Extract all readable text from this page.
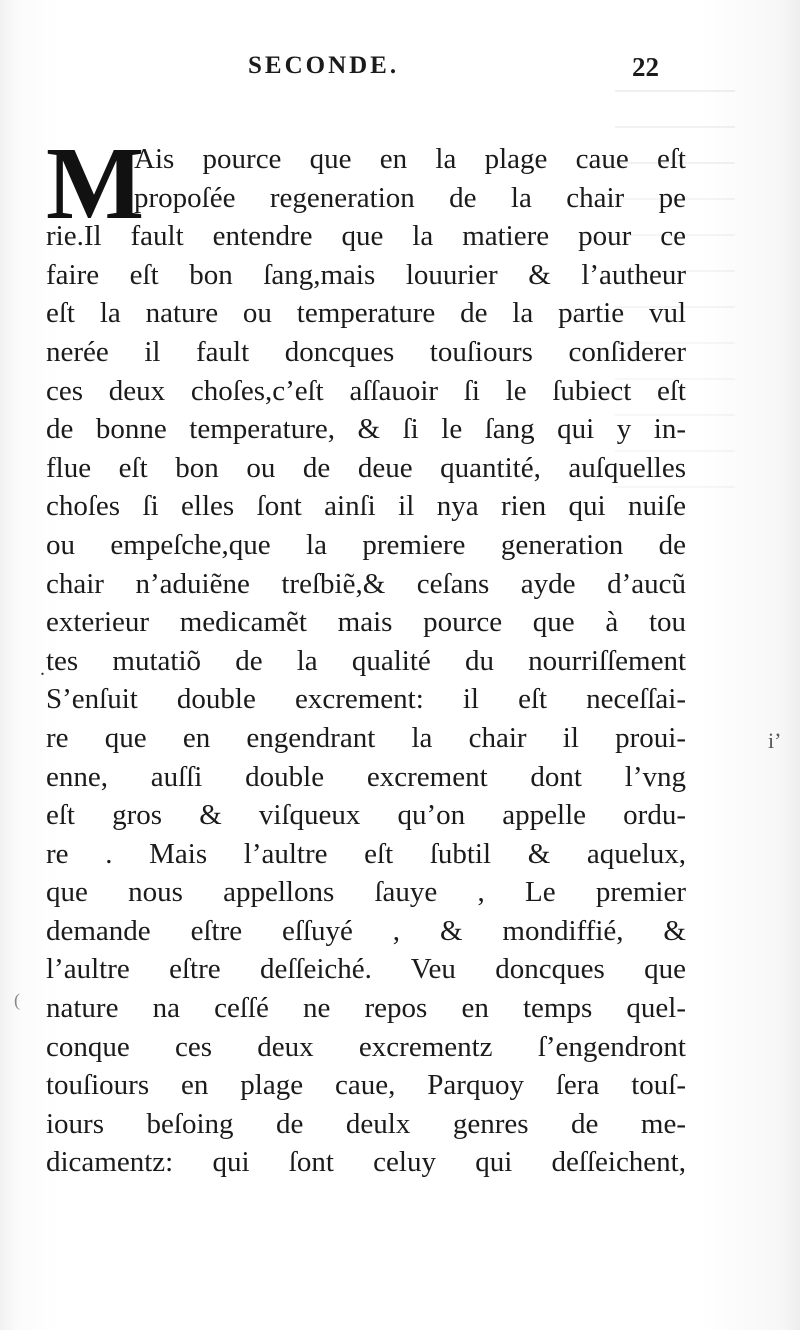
SECONDE.	22
M
Ais pource que en la plage caue eſt
propoſée regeneration de la chair pe
rie.Il fault entendre que la matiere pour ce
faire eſt bon ſang,mais louurier & l’autheur
eſt la nature ou temperature de la partie vul
nerée il fault doncques touſiours conſiderer
ces deux choſes,c’eſt aſſauoir ſi le ſubiect eſt
de bonne temperature, & ſi le ſang qui y in-
flue eſt bon ou de deue quantité, auſquelles
choſes ſi elles ſont ainſi il nya rien qui nuiſe
ou empeſche,que la premiere generation de
chair n’aduiẽne treſbiẽ,& ceſans ayde d’aucũ
exterieur medicamẽt mais pource que à tou
tes mutatiõ de la qualité du nourriſſement
S’enſuit double excrement: il eſt neceſſai-
re que en engendrant la chair il proui-
enne, auſſi double excrement dont l’vng
eſt gros & viſqueux qu’on appelle ordu-
re . Mais l’aultre eſt ſubtil & aquelux,
que nous appellons ſauye , Le premier
demande eſtre eſſuyé , & mondiffié, &
l’aultre eſtre deſſeiché. Veu doncques que
nature na ceſſé ne repos en temps quel-
conque ces deux excrementz ſ’engendront
touſiours en plage caue, Parquoy ſera touſ-
iours beſoing de deulx genres de me-
dicamentz: qui ſont celuy qui deſſeichent,
i’
(
.
